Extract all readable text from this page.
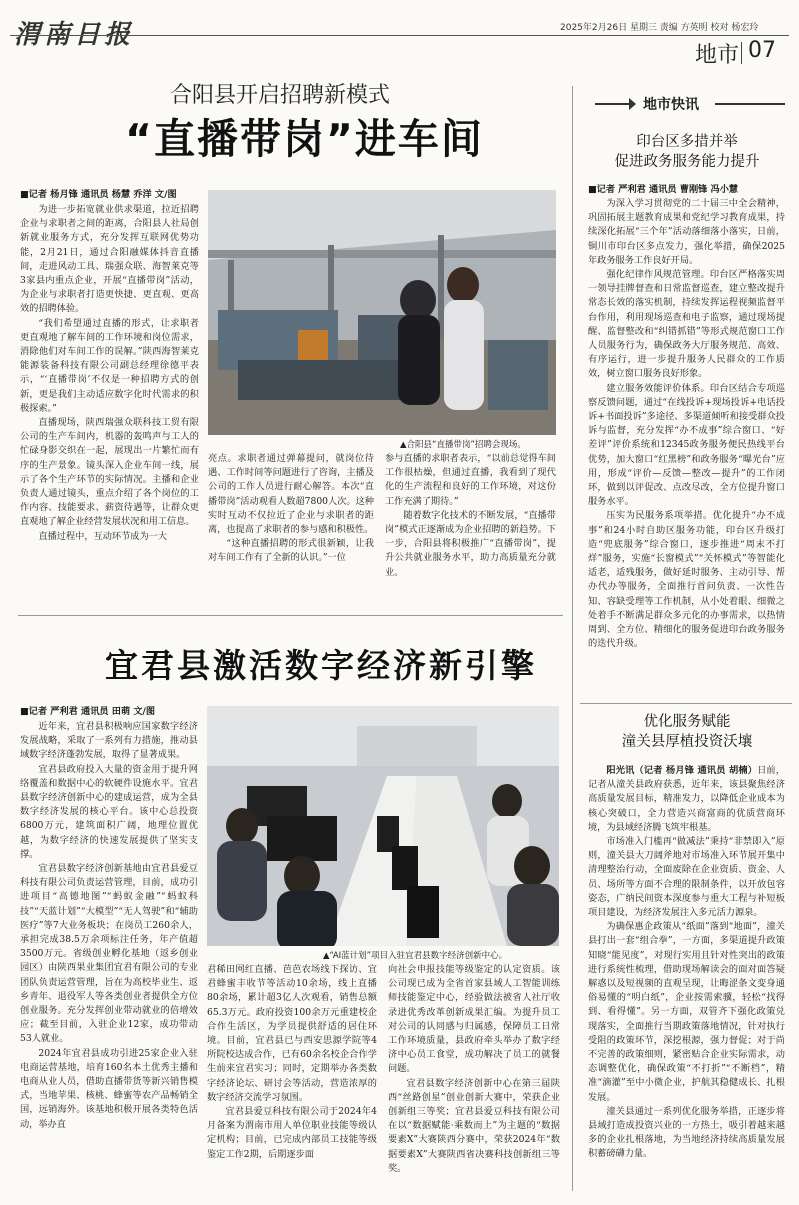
渭南日报	2025年2月26日 星期三 责编 方英明 校对 杨宏玲
地市 07
合阳县开启招聘新模式
“直播带岗”进车间
■记者 杨月锋 通讯员 杨慧 乔洋 文/图

为进一步拓宽就业供求渠道，拉近招聘企业与求职者之间的距离，合阳县人社局创新就业服务方式，充分发挥互联网优势功能，2月21日，通过合阳融媒体抖音直播间，走进风动工具、瑞强众联、海智莱克等3家县内重点企业，开展“直播带岗”活动，为企业与求职者打造更快捷、更直观、更高效的招聘体验。

“我们希望通过直播的形式，让求职者更直观地了解车间的工作环境和岗位需求，消除他们对车间工作的误解。”陕西海智莱克能源装备科技有限公司副总经理徐德平表示，“‘直播带岗’不仅是一种招聘方式的创新，更是我们主动适应数字化时代需求的积极探索。”

直播现场，陕西瑞强众联科技工贸有限公司的生产车间内，机器的轰鸣声与工人的忙碌身影交织在一起，展现出一片繁忙而有序的生产景象。镜头深入企业车间一线，展示了各个生产环节的实际情况。主播和企业负责人通过镜头，重点介绍了各个岗位的工作内容、技能要求、薪资待遇等，让群众更直观地了解企业经营发展状况和用工信息。

直播过程中，互动环节成为一大

▲合阳县“直播带岗”招聘会现场。

亮点。求职者通过弹幕提问，就岗位待遇、工作时间等问题进行了咨询，主播及公司的工作人员进行耐心解答。本次“直播带岗”活动观看人数超7800人次。这种实时互动不仅拉近了企业与求职者的距离，也提高了求职者的参与感和积极性。

“这种直播招聘的形式很新颖，让我对车间工作有了全新的认识。”一位

参与直播的求职者表示，“以前总觉得车间工作很枯燥，但通过直播，我看到了现代化的生产流程和良好的工作环境，对这份工作充满了期待。”

随着数字化技术的不断发展，“直播带岗”模式正逐渐成为企业招聘的新趋势。下一步，合阳县将积极推广“直播带岗”，提升公共就业服务水平，助力高质量充分就业。

地市快讯
印台区多措并举
促进政务服务能力提升
■记者 严利君 通讯员 曹刚锋 冯小慧

为深入学习贯彻党的二十届三中全会精神，巩固拓展主题教育成果和党纪学习教育成果，持续深化拓展“三个年”活动落细落小落实，日前，铜川市印台区多点发力，强化举措，确保2025年政务服务工作良好开局。

强化纪律作风规范管理。印台区严格落实周一领导挂牌督查和日常监督巡查，建立整改提升常态长效的落实机制，持续发挥运程视频监督平台作用，利用现场巡查和电子监察，通过现场提醒、监督整改和“纠错抓错”等形式规范窗口工作人员服务行为，确保政务大厅服务规范、高效、有序运行，进一步提升服务人民群众的工作质效，树立窗口服务良好形象。

建立服务效能评价体系。印台区结合专项巡察反馈问题，通过“在线投诉+现场投诉+电话投诉+书面投诉”多途径、多渠道倾听和接受群众投诉与监督，充分发挥“办不成事”综合窗口、“好差评”评价系统和12345政务服务便民热线平台优势，加大窗口“红黑榜”和政务服务“曝光台”应用，形成“评价—反馈—整改—提升”的工作闭环，做到以评促改、点改尽改，全方位提升窗口服务水平。

压实为民服务系项举措。优化提升“办不成事”和24小时自助区服务功能，印台区升级打造“兜底服务”综合窗口，逐步推进“周末不打烊”服务，实施“长窗模式”“关怀模式”等智能化适老，适残服务，做好延时服务、主动引导、帮办代办等服务，全面推行首问负责、一次性告知、容缺受理等工作机制，从小处着眼、细微之处着手不断满足群众多元化的办事需求，以热情周到、全方位、精细化的服务促进印台政务服务的迭代升级。

优化服务赋能
潼关县厚植投资沃壤

阳光讯（记者 杨月锋 通讯员 胡楠）日前，记者从潼关县政府获悉，近年来，该县聚焦经济高质量发展目标，精准发力，以降低企业成本为核心突破口，全力营造兴商富商的优质营商环境，为县域经济腾飞筑牢根基。

市场准入门槛再“做减法”秉持“非禁即入”原则，潼关县大刀阔斧地对市场准入环节展开集中清理整治行动，全面废除在企业资质、资金、人员、场所等方面不合理的限制条件，以开放包容姿态，广纳民间资本深度参与重大工程与补短板项目建设，为经济发展注入多元活力源泉。

为确保惠企政策从“纸面”落到“地面”，潼关县打出一套“组合拳”，一方面，多渠道提升政策知晓“能见度”，对现行实用且针对性突出的政策进行系统性梳理，借助现场解读会的面对面答疑解惑以及短视频的直观呈现，让晦涩条文变身通俗易懂的“明白纸”，企业按需索骥，轻松“找得到、看得懂”。另一方面，双管齐下强化政策兑现落实，全面推行当期政策落地情况，针对执行受阻的政策环节，深挖根源，强力督促；对于尚不完善的政策细则，紧密贴合企业实际需求，动态调整优化，确保政策“不打折”“不断档”，精准“滴灌”至中小微企业，护航其稳健成长、扎根发展。

潼关县通过一系列优化服务举措，正逐步将县域打造成投资兴业的一方热土，吸引着越来越多的企业扎根落地，为当地经济持续高质量发展积蓄磅礴力量。

宜君县激活数字经济新引擎
■记者 严利君 通讯员 田萌 文/图

近年来，宜君县积极响应国家数字经济发展战略，采取了一系列有力措施，推动县域数字经济蓬勃发展，取得了显著成果。

宜君县政府投入大量的资金用于提升网络覆盖和数据中心的软硬件设施水平。宜君县数字经济创新中心的建成运营，成为全县数字经济发展的核心平台。该中心总投资6800万元，建筑面积广阔，地理位置优越，为数字经济的快速发展提供了坚实支撑。

宜君县数字经济创新基地由宜君县爱豆科技有限公司负责运营管理，目前，成功引进项目“高德地图”“蚂蚁金融”“蚂蚁科技”“天蓝计划”“大模型”“无人驾驶”和“辅助医疗”等7大业务板块；在岗员工260余人，承担完成38.5万余项标注任务，年产值超3500万元。省级创业孵化基地（返乡创业园区）由陕西果业集团宜君有限公司的专业团队负责运营管理，旨在为高校毕业生、返乡青年、退役军人等各类创业者提供全方位创业服务。充分发挥创业带动就业的倍增效应；截至目前，入驻企业12家，成功带动53人就业。

2024年宜君县成功引进25家企业入驻电商运营基地，培育160名本土优秀主播和电商从业人员，借助直播带货等新兴销售模式，当地苹果、核桃、蜂蜜等农产品畅销全国，远销海外。该基地积极开展各类特色活动，举办直

▲“AI蓝计划”项目入驻宜君县数字经济创新中心。

君稀田网红直播、芭芭农场线下探访、宜君蜂蜜丰收节等活动10余场，线上直播80余场，累计超3亿人次观看，销售总额65.3万元。政府投资100余万元重建校企合作生活区，为学员提供舒适的居住环境。目前，宜君县已与西安思源学院等4所院校达成合作，已有60余名校企合作学生前来宜君实习；同时，定期举办各类数字经济论坛、研讨会等活动，营造浓厚的数字经济交流学习氛围。

宜君县爱豆科技有限公司于2024年4月备案为渭南市用人单位职业技能等级认定机构；目前，已完成内部员工技能等级鉴定工作2期，后期逐步面

向社会申报技能等级鉴定的认定资质。该公司现已成为全省首家县域人工智能训练师技能鉴定中心，经验做法被省人社厅收录进优秀改革创新成果汇编。为提升员工对公司的认同感与归属感，保障员工日常工作环境质量，县政府牵头举办了数字经济中心员工食堂，成功解决了员工的就餐问题。

宜君县数字经济创新中心在第三届陕西“丝路创星”创业创新大赛中，荣获企业创新组三等奖；宜君县爱豆科技有限公司在以“数据赋能·乘数而上”为主题的“数据要素X”大赛陕西分赛中，荣获2024年“数据要素X”大赛陕西省决赛科技创新组三等奖。
